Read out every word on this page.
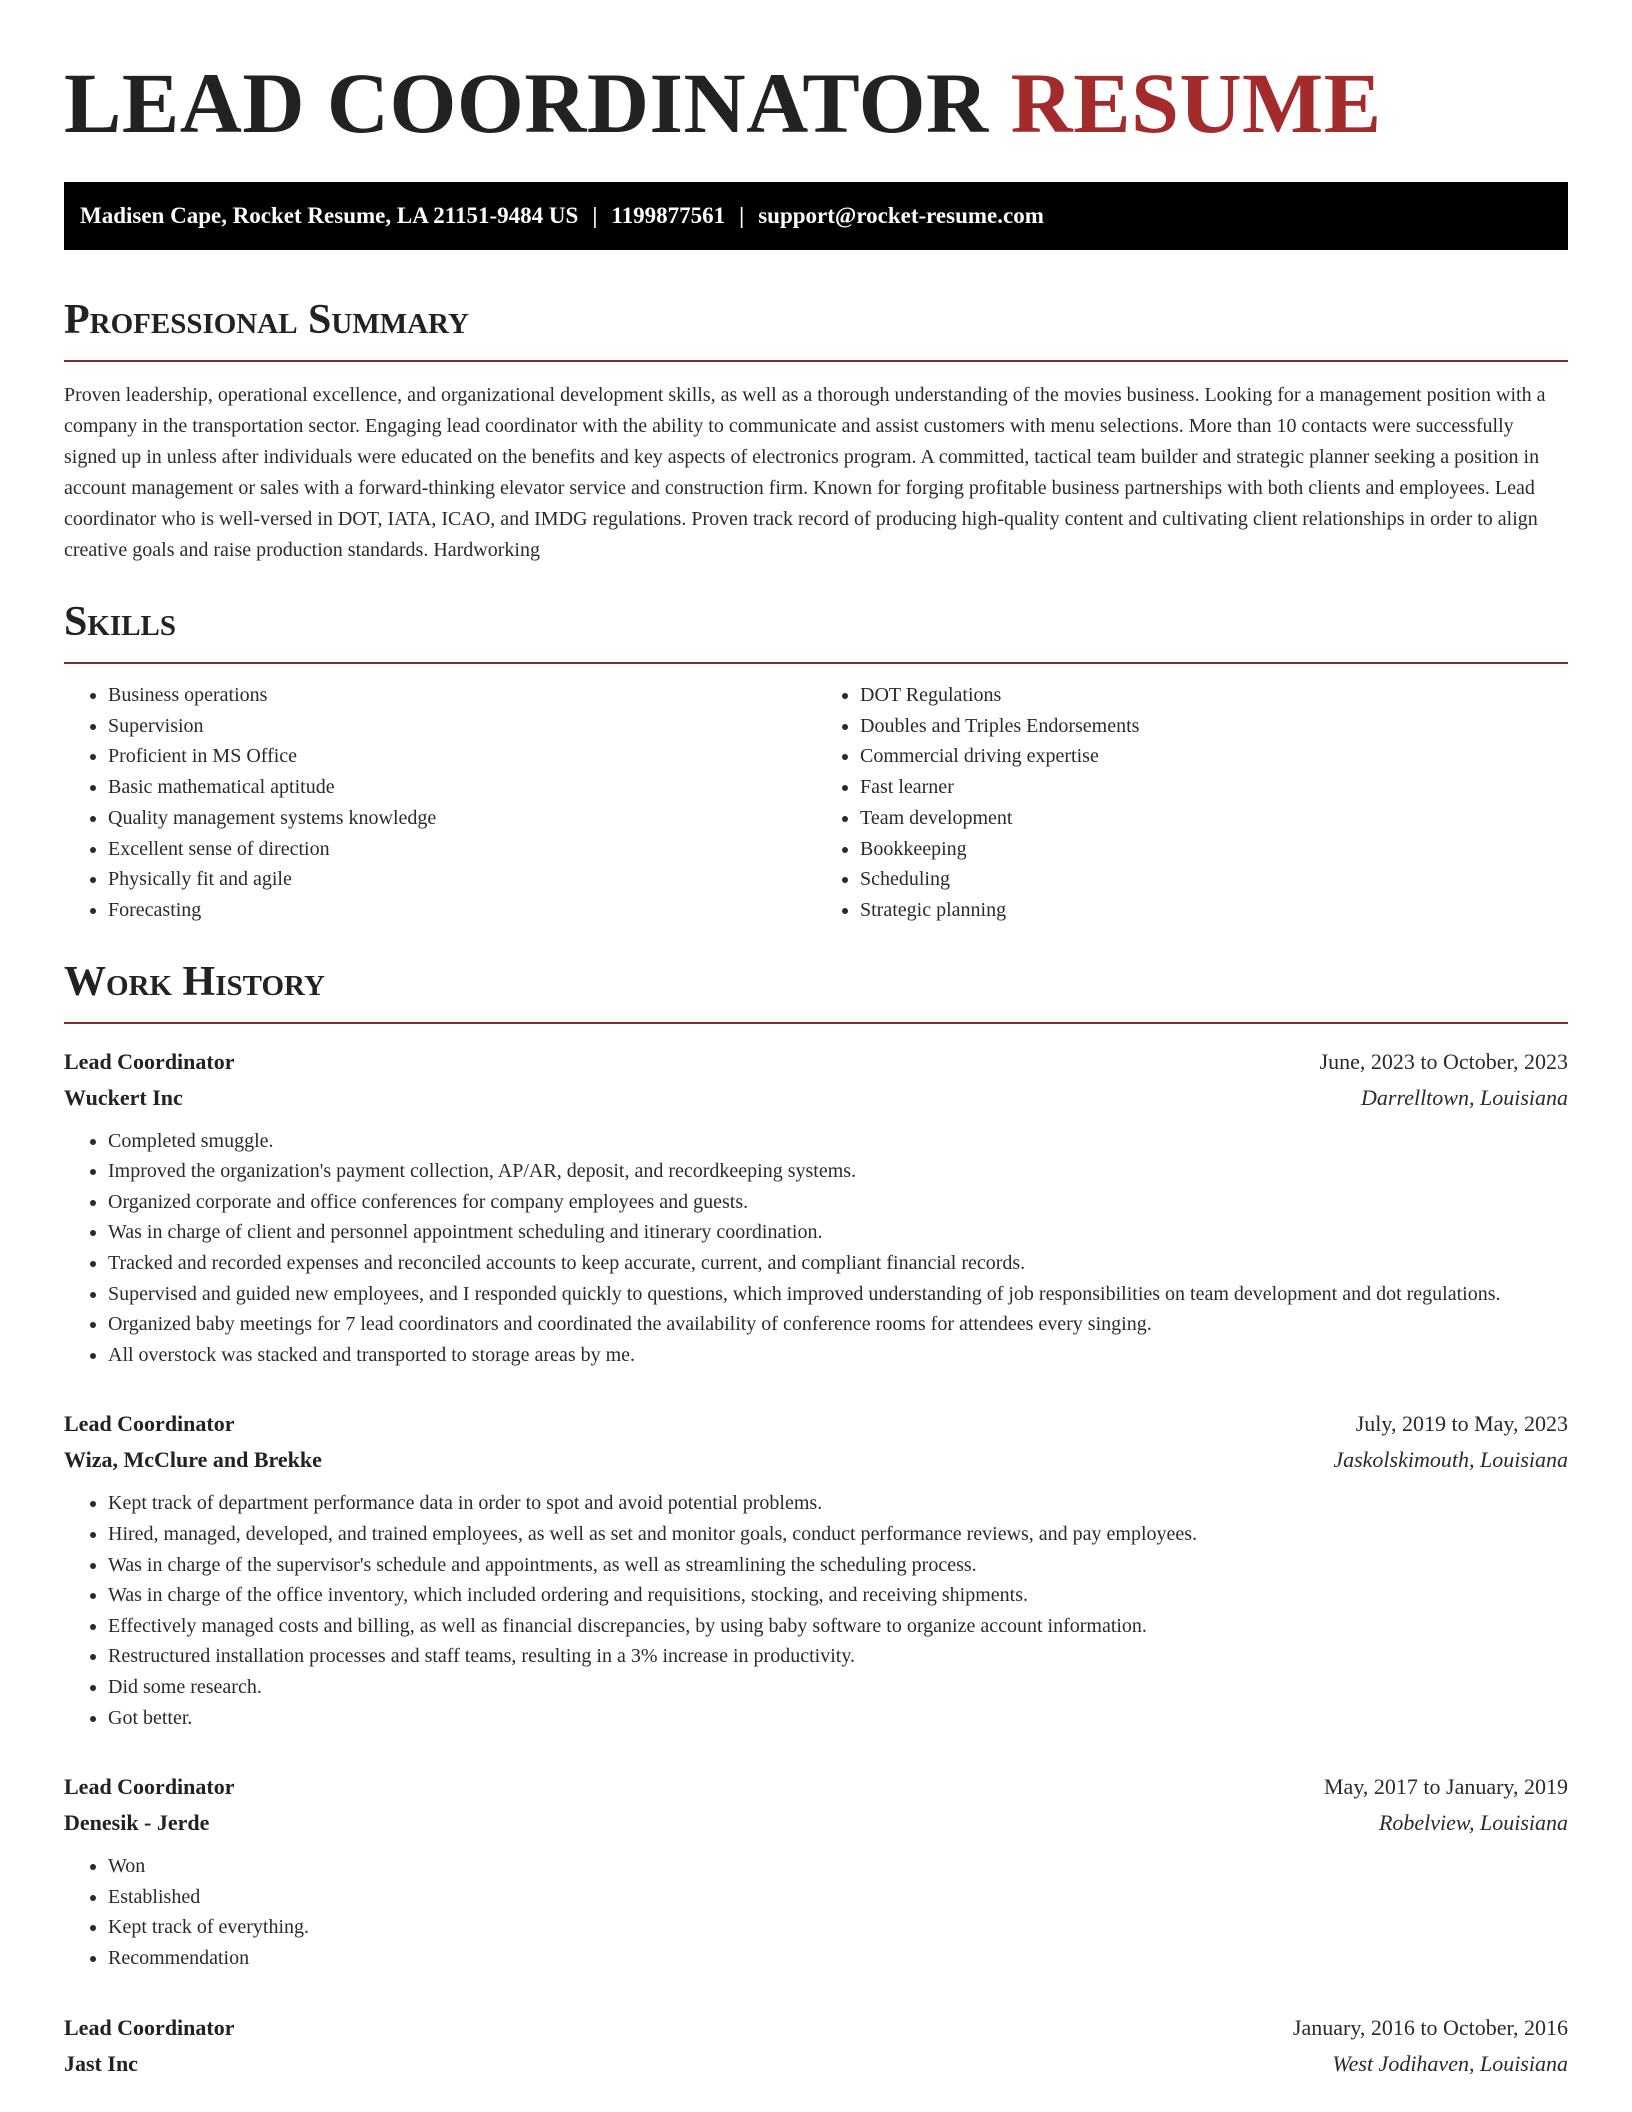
LEAD COORDINATOR RESUME
Madisen Cape, Rocket Resume, LA 21151-9484 US | 1199877561 | support@rocket-resume.com
Professional Summary

Proven leadership, operational excellence, and organizational development skills, as well as a thorough understanding of the movies business. Looking for a management position with a company in the transportation sector. Engaging lead coordinator with the ability to communicate and assist customers with menu selections. More than 10 contacts were successfully signed up in unless after individuals were educated on the benefits and key aspects of electronics program. A committed, tactical team builder and strategic planner seeking a position in account management or sales with a forward-thinking elevator service and construction firm. Known for forging profitable business partnerships with both clients and employees. Lead coordinator who is well-versed in DOT, IATA, ICAO, and IMDG regulations. Proven track record of producing high-quality content and cultivating client relationships in order to align creative goals and raise production standards. Hardworking

Skills
• Business operations
• Supervision
• Proficient in MS Office
• Basic mathematical aptitude
• Quality management systems knowledge
• Excellent sense of direction
• Physically fit and agile
• Forecasting
• DOT Regulations
• Doubles and Triples Endorsements
• Commercial driving expertise
• Fast learner
• Team development
• Bookkeeping
• Scheduling
• Strategic planning
Work History
Lead Coordinator	June, 2023 to October, 2023
Wuckert Inc	Darrelltown, Louisiana
• Completed smuggle.
• Improved the organization's payment collection, AP/AR, deposit, and recordkeeping systems.
• Organized corporate and office conferences for company employees and guests.
• Was in charge of client and personnel appointment scheduling and itinerary coordination.
• Tracked and recorded expenses and reconciled accounts to keep accurate, current, and compliant financial records.
• Supervised and guided new employees, and I responded quickly to questions, which improved understanding of job responsibilities on team development and dot regulations.
• Organized baby meetings for 7 lead coordinators and coordinated the availability of conference rooms for attendees every singing.
• All overstock was stacked and transported to storage areas by me.
Lead Coordinator	July, 2019 to May, 2023
Wiza, McClure and Brekke	Jaskolskimouth, Louisiana
• Kept track of department performance data in order to spot and avoid potential problems.
• Hired, managed, developed, and trained employees, as well as set and monitor goals, conduct performance reviews, and pay employees.
• Was in charge of the supervisor's schedule and appointments, as well as streamlining the scheduling process.
• Was in charge of the office inventory, which included ordering and requisitions, stocking, and receiving shipments.
• Effectively managed costs and billing, as well as financial discrepancies, by using baby software to organize account information.
• Restructured installation processes and staff teams, resulting in a 3% increase in productivity.
• Did some research.
• Got better.
Lead Coordinator	May, 2017 to January, 2019
Denesik - Jerde	Robelview, Louisiana
• Won
• Established
• Kept track of everything.
• Recommendation
Lead Coordinator	January, 2016 to October, 2016
Jast Inc	West Jodihaven, Louisiana
